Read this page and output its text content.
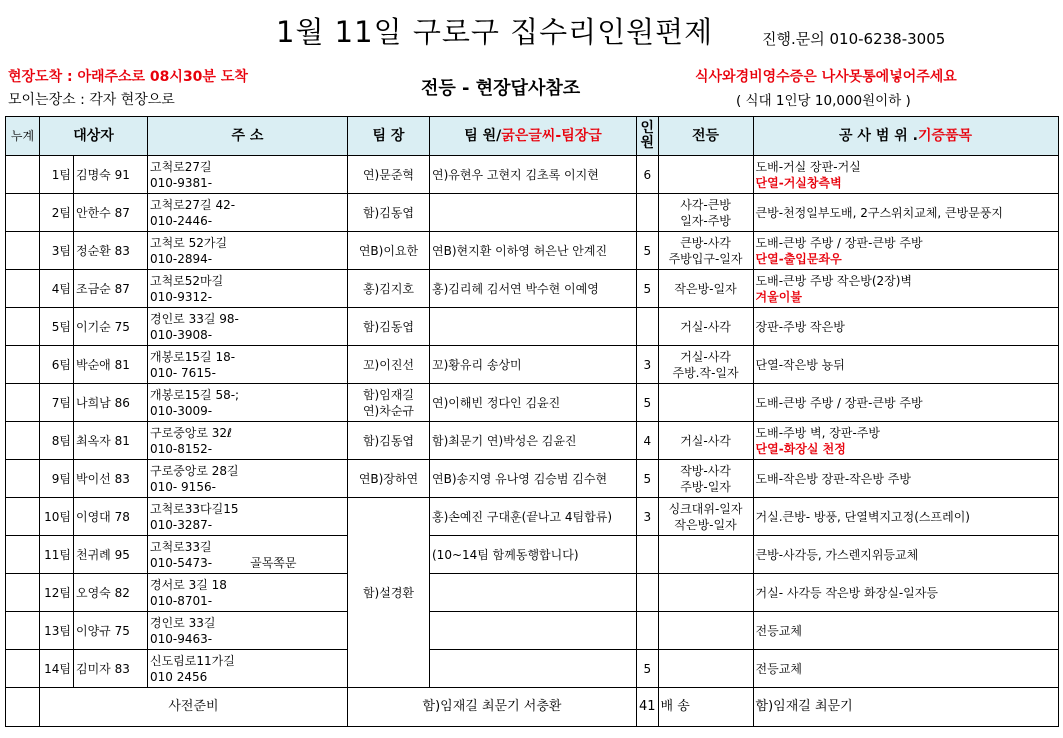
1월 11일 구로구 집수리인원편제	진행.문의 010-6238-3005
현장도착 : 아래주소로 08시30분 도착
모이는장소 : 각자 현장으로
전등 - 현장답사참조
식사와경비영수증은 나사못통에넣어주세요
( 식대 1인당 10,000원이하 )
누계	대상자		주 소	팀 장	팀 원/굵은글씨-팀장급	인
원	전등	공 사 범 위 .기증품목
	1팀	김명숙 91	고척로27길
010-9381-	연)문준혁	연)유현우 고현지 김초록 이지현	6		도배-거실 장판-거실
단열-거실창측벽

	2팀	안한수 87	고척로27길 42-
010-2446-	함)김동엽			사각-큰방
일자-주방	큰방-천정일부도배, 2구스위치교체, 큰방문풍지

	3팀	정순환 83	고척로 52가길
010-2894-	연B)이요한	연B)현지환 이하영 허은난 안계진	5	큰방-사각
주방입구-일자	도배-큰방 주방 / 장판-큰방 주방
단열-출입문좌우

	4팀	조금순 87	고척로52마길
010-9312-	홍)김지호	홍)김리헤 김서연 박수현 이예영	5	작은방-일자	도배-큰방 주방 작은방(2장)벽
겨울이불

	5팀	이기순 75	경인로 33길 98-
010-3908-	함)김동엽			거실-사각	장판-주방 작은방

	6팀	박순애 81	개봉로15길 18-
010- 7615-	꼬)이진선	꼬)황유리 송상미	3	거실-사각
주방.작-일자	단열-작은방 뇽뒤

	7팀	나희남 86	개봉로15길 58-;
010-3009-	함)임재길
연)차순규	연)이해빈 정다인 김윤진	5		도배-큰방 주방 / 장판-큰방 주방

	8팀	최옥자 81	구로중앙로 32ℓ
010-8152-	함)김동엽	함)최문기 연)박성은 김윤진	4	거실-사각	도배-주방 벽, 장판-주방
단열-화장실 천정

	9팀	박이선 83	구로중앙로 28길
010- 9156-	연B)장하연	연B)송지영 유나영 김승범 김수현	5	작방-사각
주방-일자	도배-작은방 장판-작은방 주방

	10팀	이영대 78	고척로33다길15
010-3287-	함)설경환	홍)손예진 구대훈(끝나고 4팀합류)	3	싱크대위-일자
작은방-일자	거실.큰방- 방풍, 단열벽지고정(스프레이)

	11팀	천귀례 95	고척로33길
010-5473- 골목쪽문		(10~14팀 함께동행합니다)			큰방-사각등, 가스렌지위등교체

	12팀	오영숙 82	경서로 3길 18
010-8701-					거실- 사각등 작은방 화장실-일자등

	13팀	이양규 75	경인로 33길
010-9463-					전등교체

	14팀	김미자 83	신도림로11가길
010 2456			5		전등교체

	사전준비			함)임재길 최문기 서충환		41	배 송	함)임재길 최문기
